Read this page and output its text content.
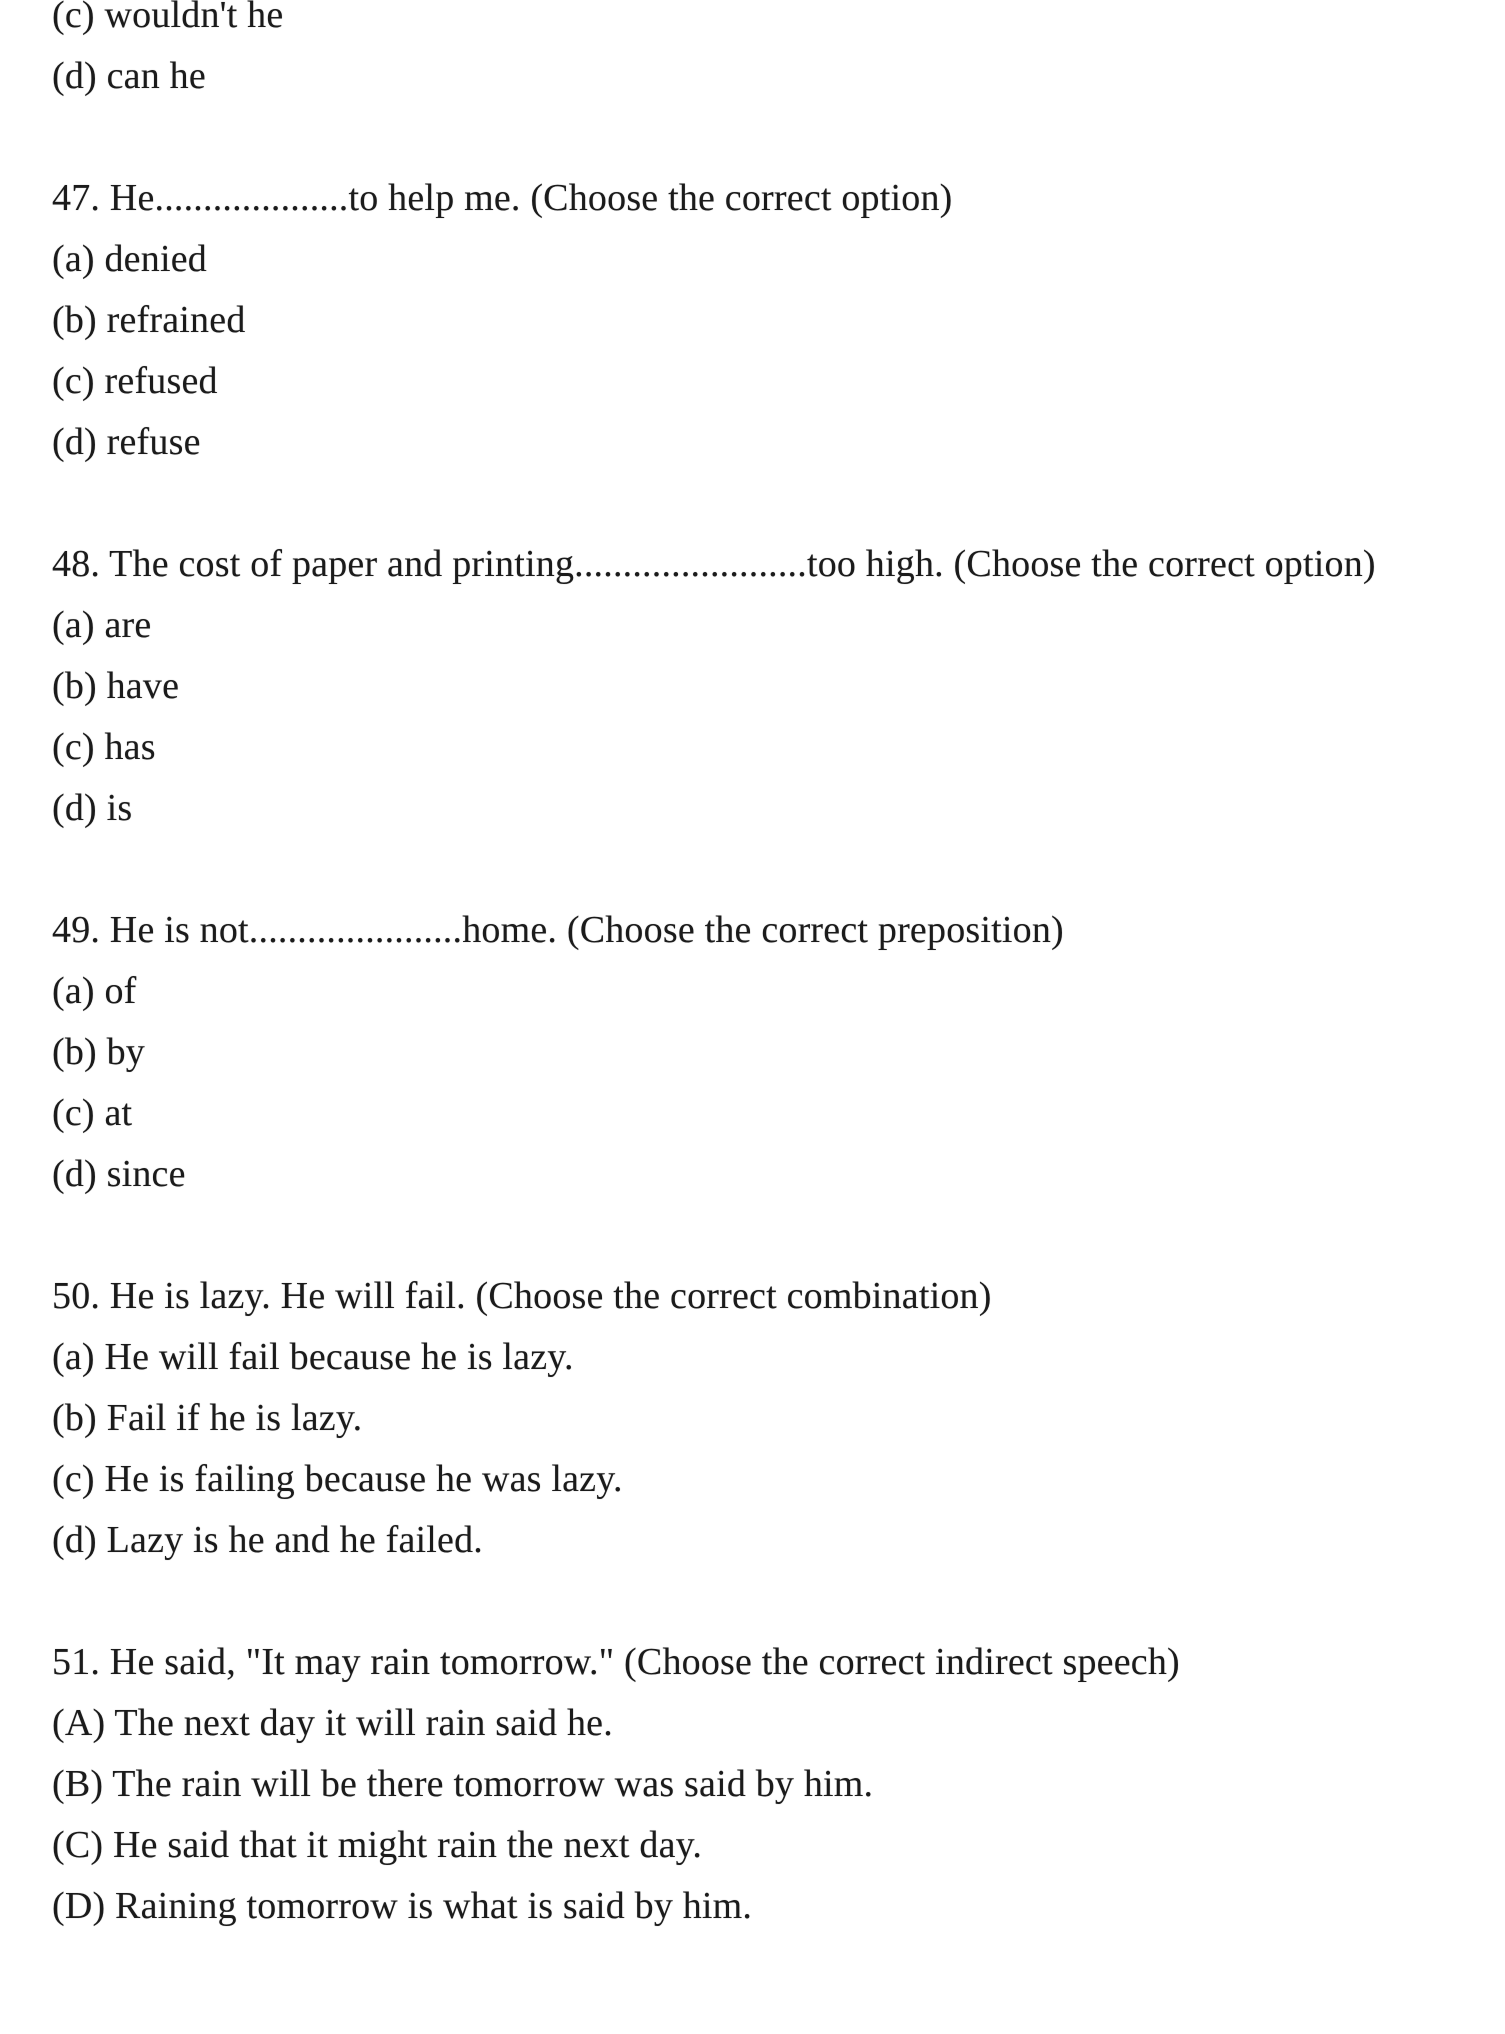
(c) wouldn't he

(d) can he

47. He....................to help me. (Choose the correct option)

(a) denied

(b) refrained

(c) refused

(d) refuse

48. The cost of paper and printing........................too high. (Choose the correct option)

(a) are

(b) have

(c) has

(d) is

49. He is not......................home. (Choose the correct preposition)

(a) of

(b) by

(c) at

(d) since

50. He is lazy. He will fail. (Choose the correct combination)

(a) He will fail because he is lazy.

(b) Fail if he is lazy.

(c) He is failing because he was lazy.

(d) Lazy is he and he failed.

51. He said, "It may rain tomorrow." (Choose the correct indirect speech)

(A) The next day it will rain said he.

(B) The rain will be there tomorrow was said by him.

(C) He said that it might rain the next day.

(D) Raining tomorrow is what is said by him.
